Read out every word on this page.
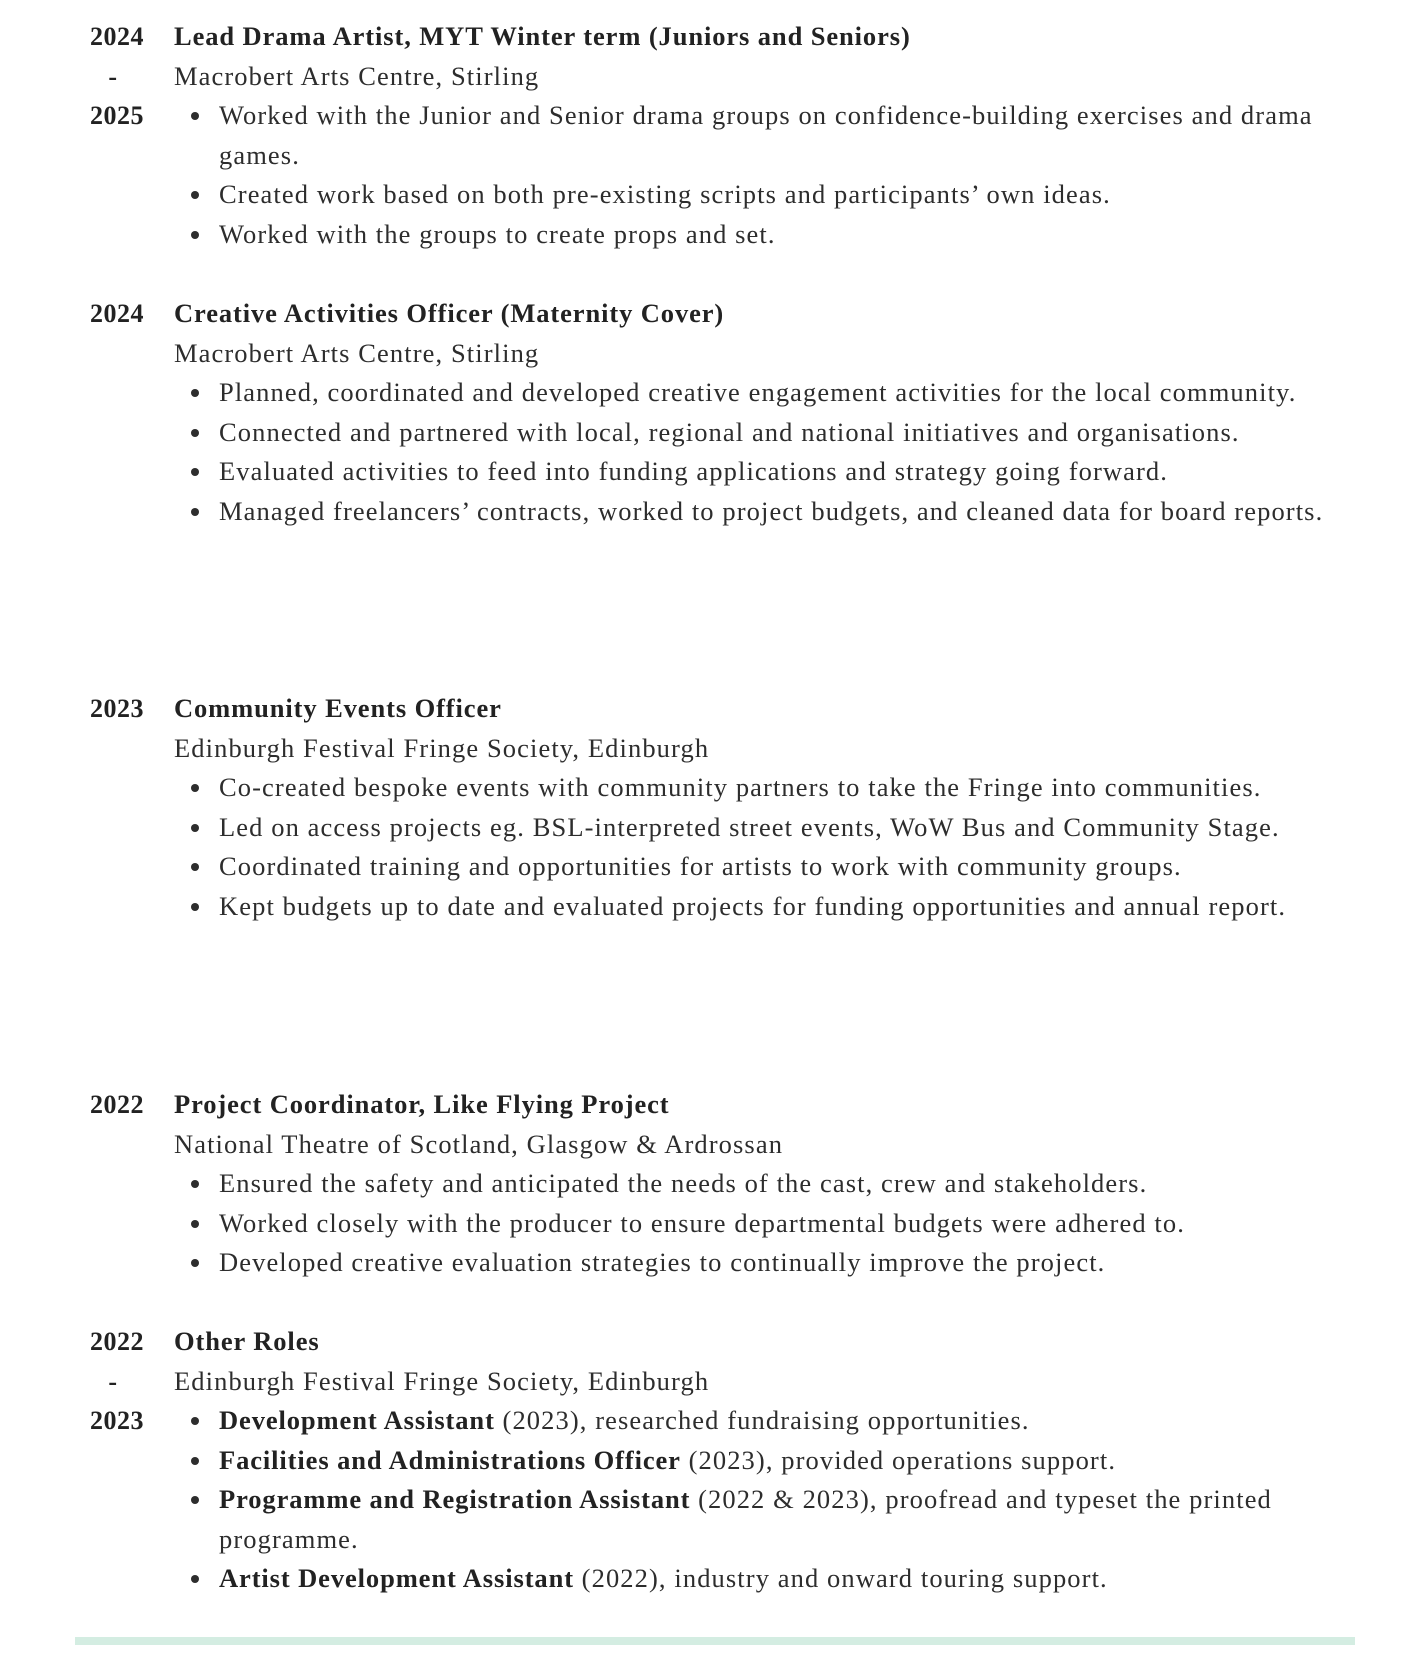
2024
-
2025
Lead Drama Artist, MYT Winter term (Juniors and Seniors)
Macrobert Arts Centre, Stirling
Worked with the Junior and Senior drama groups on confidence-building exercises and drama games.
Created work based on both pre-existing scripts and participants’ own ideas.
Worked with the groups to create props and set.
2024 Creative Activities Officer (Maternity Cover)
Macrobert Arts Centre, Stirling
Planned, coordinated and developed creative engagement activities for the local community.
Connected and partnered with local, regional and national initiatives and organisations.
Evaluated activities to feed into funding applications and strategy going forward.
Managed freelancers’ contracts, worked to project budgets, and cleaned data for board reports.
2023 Community Events Officer
Edinburgh Festival Fringe Society, Edinburgh
Co-created bespoke events with community partners to take the Fringe into communities.
Led on access projects eg. BSL-interpreted street events, WoW Bus and Community Stage.
Coordinated training and opportunities for artists to work with community groups.
Kept budgets up to date and evaluated projects for funding opportunities and annual report.
2022 Project Coordinator, Like Flying Project
National Theatre of Scotland, Glasgow & Ardrossan
Ensured the safety and anticipated the needs of the cast, crew and stakeholders.
Worked closely with the producer to ensure departmental budgets were adhered to.
Developed creative evaluation strategies to continually improve the project.
2022
-
2023
Other Roles
Edinburgh Festival Fringe Society, Edinburgh
Development Assistant (2023), researched fundraising opportunities.
Facilities and Administrations Officer (2023), provided operations support.
Programme and Registration Assistant (2022 & 2023), proofread and typeset the printed programme.
Artist Development Assistant (2022), industry and onward touring support.
